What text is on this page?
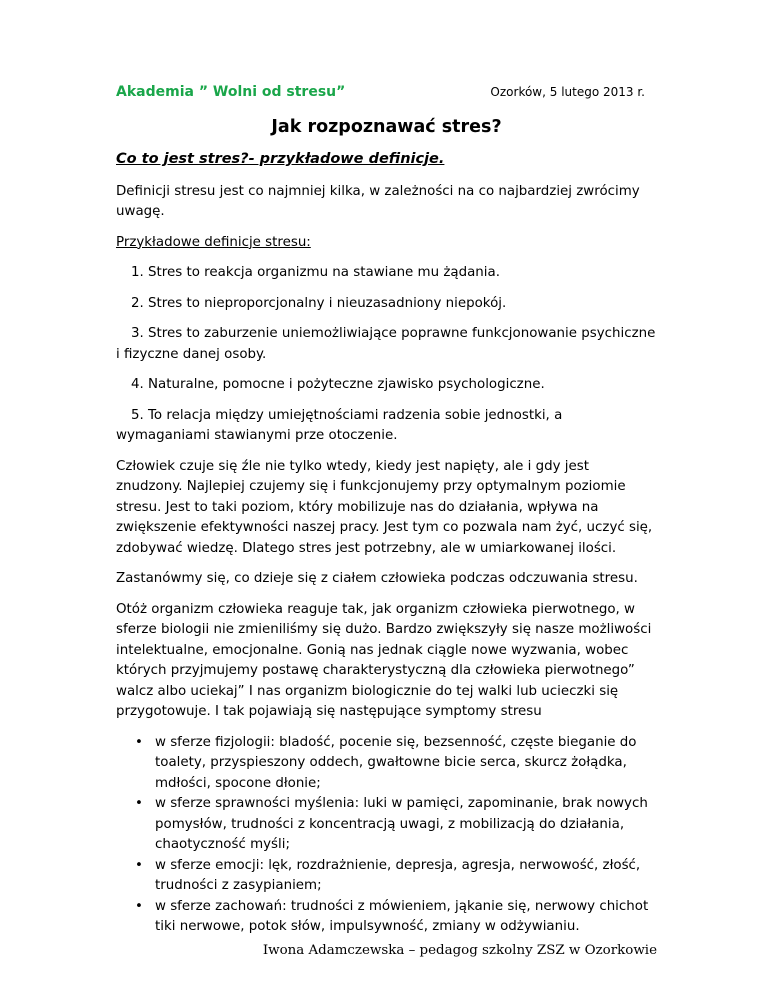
Akademia ” Wolni od stresu”	Ozorków, 5 lutego 2013 r.
Jak rozpoznawać stres?
Co to jest stres?- przykładowe definicje.

Definicji stresu jest co najmniej kilka, w zależności na co najbardziej zwrócimy uwagę.

Przykładowe definicje stresu:

1. Stres to reakcja organizmu na stawiane mu żądania.
2. Stres to nieproporcjonalny i nieuzasadniony niepokój.
3. Stres to zaburzenie uniemożliwiające poprawne funkcjonowanie psychiczne i fizyczne danej osoby.
4. Naturalne, pomocne i pożyteczne zjawisko psychologiczne.
5. To relacja między umiejętnościami radzenia sobie jednostki, a wymaganiami stawianymi prze otoczenie.

Człowiek czuje się źle nie tylko wtedy, kiedy jest napięty, ale i gdy jest znudzony. Najlepiej czujemy się i funkcjonujemy przy optymalnym poziomie stresu. Jest to taki poziom, który mobilizuje nas do działania, wpływa na zwiększenie efektywności naszej pracy. Jest tym co pozwala nam żyć, uczyć się, zdobywać wiedzę. Dlatego stres jest potrzebny, ale w umiarkowanej ilości.

Zastanówmy się, co dzieje się z ciałem człowieka podczas odczuwania stresu.

Otóż organizm człowieka reaguje tak, jak organizm człowieka pierwotnego, w sferze biologii nie zmieniliśmy się dużo. Bardzo zwiększyły się nasze możliwości intelektualne, emocjonalne. Gonią nas jednak ciągle nowe wyzwania, wobec których przyjmujemy postawę charakterystyczną dla człowieka pierwotnego” walcz albo uciekaj” I nas organizm biologicznie do tej walki lub ucieczki się przygotowuje. I tak pojawiają się następujące symptomy stresu

• w sferze fizjologii: bladość, pocenie się, bezsenność, częste bieganie do toalety, przyspieszony oddech, gwałtowne bicie serca, skurcz żołądka, mdłości, spocone dłonie;
• w sferze sprawności myślenia: luki w pamięci, zapominanie, brak nowych pomysłów, trudności z koncentracją uwagi, z mobilizacją do działania, chaotyczność myśli;
• w sferze emocji: lęk, rozdrażnienie, depresja, agresja, nerwowość, złość, trudności z zasypianiem;
• w sferze zachowań: trudności z mówieniem, jąkanie się, nerwowy chichot tiki nerwowe, potok słów, impulsywność, zmiany w odżywianiu.
Iwona Adamczewska – pedagog szkolny ZSZ w Ozorkowie
